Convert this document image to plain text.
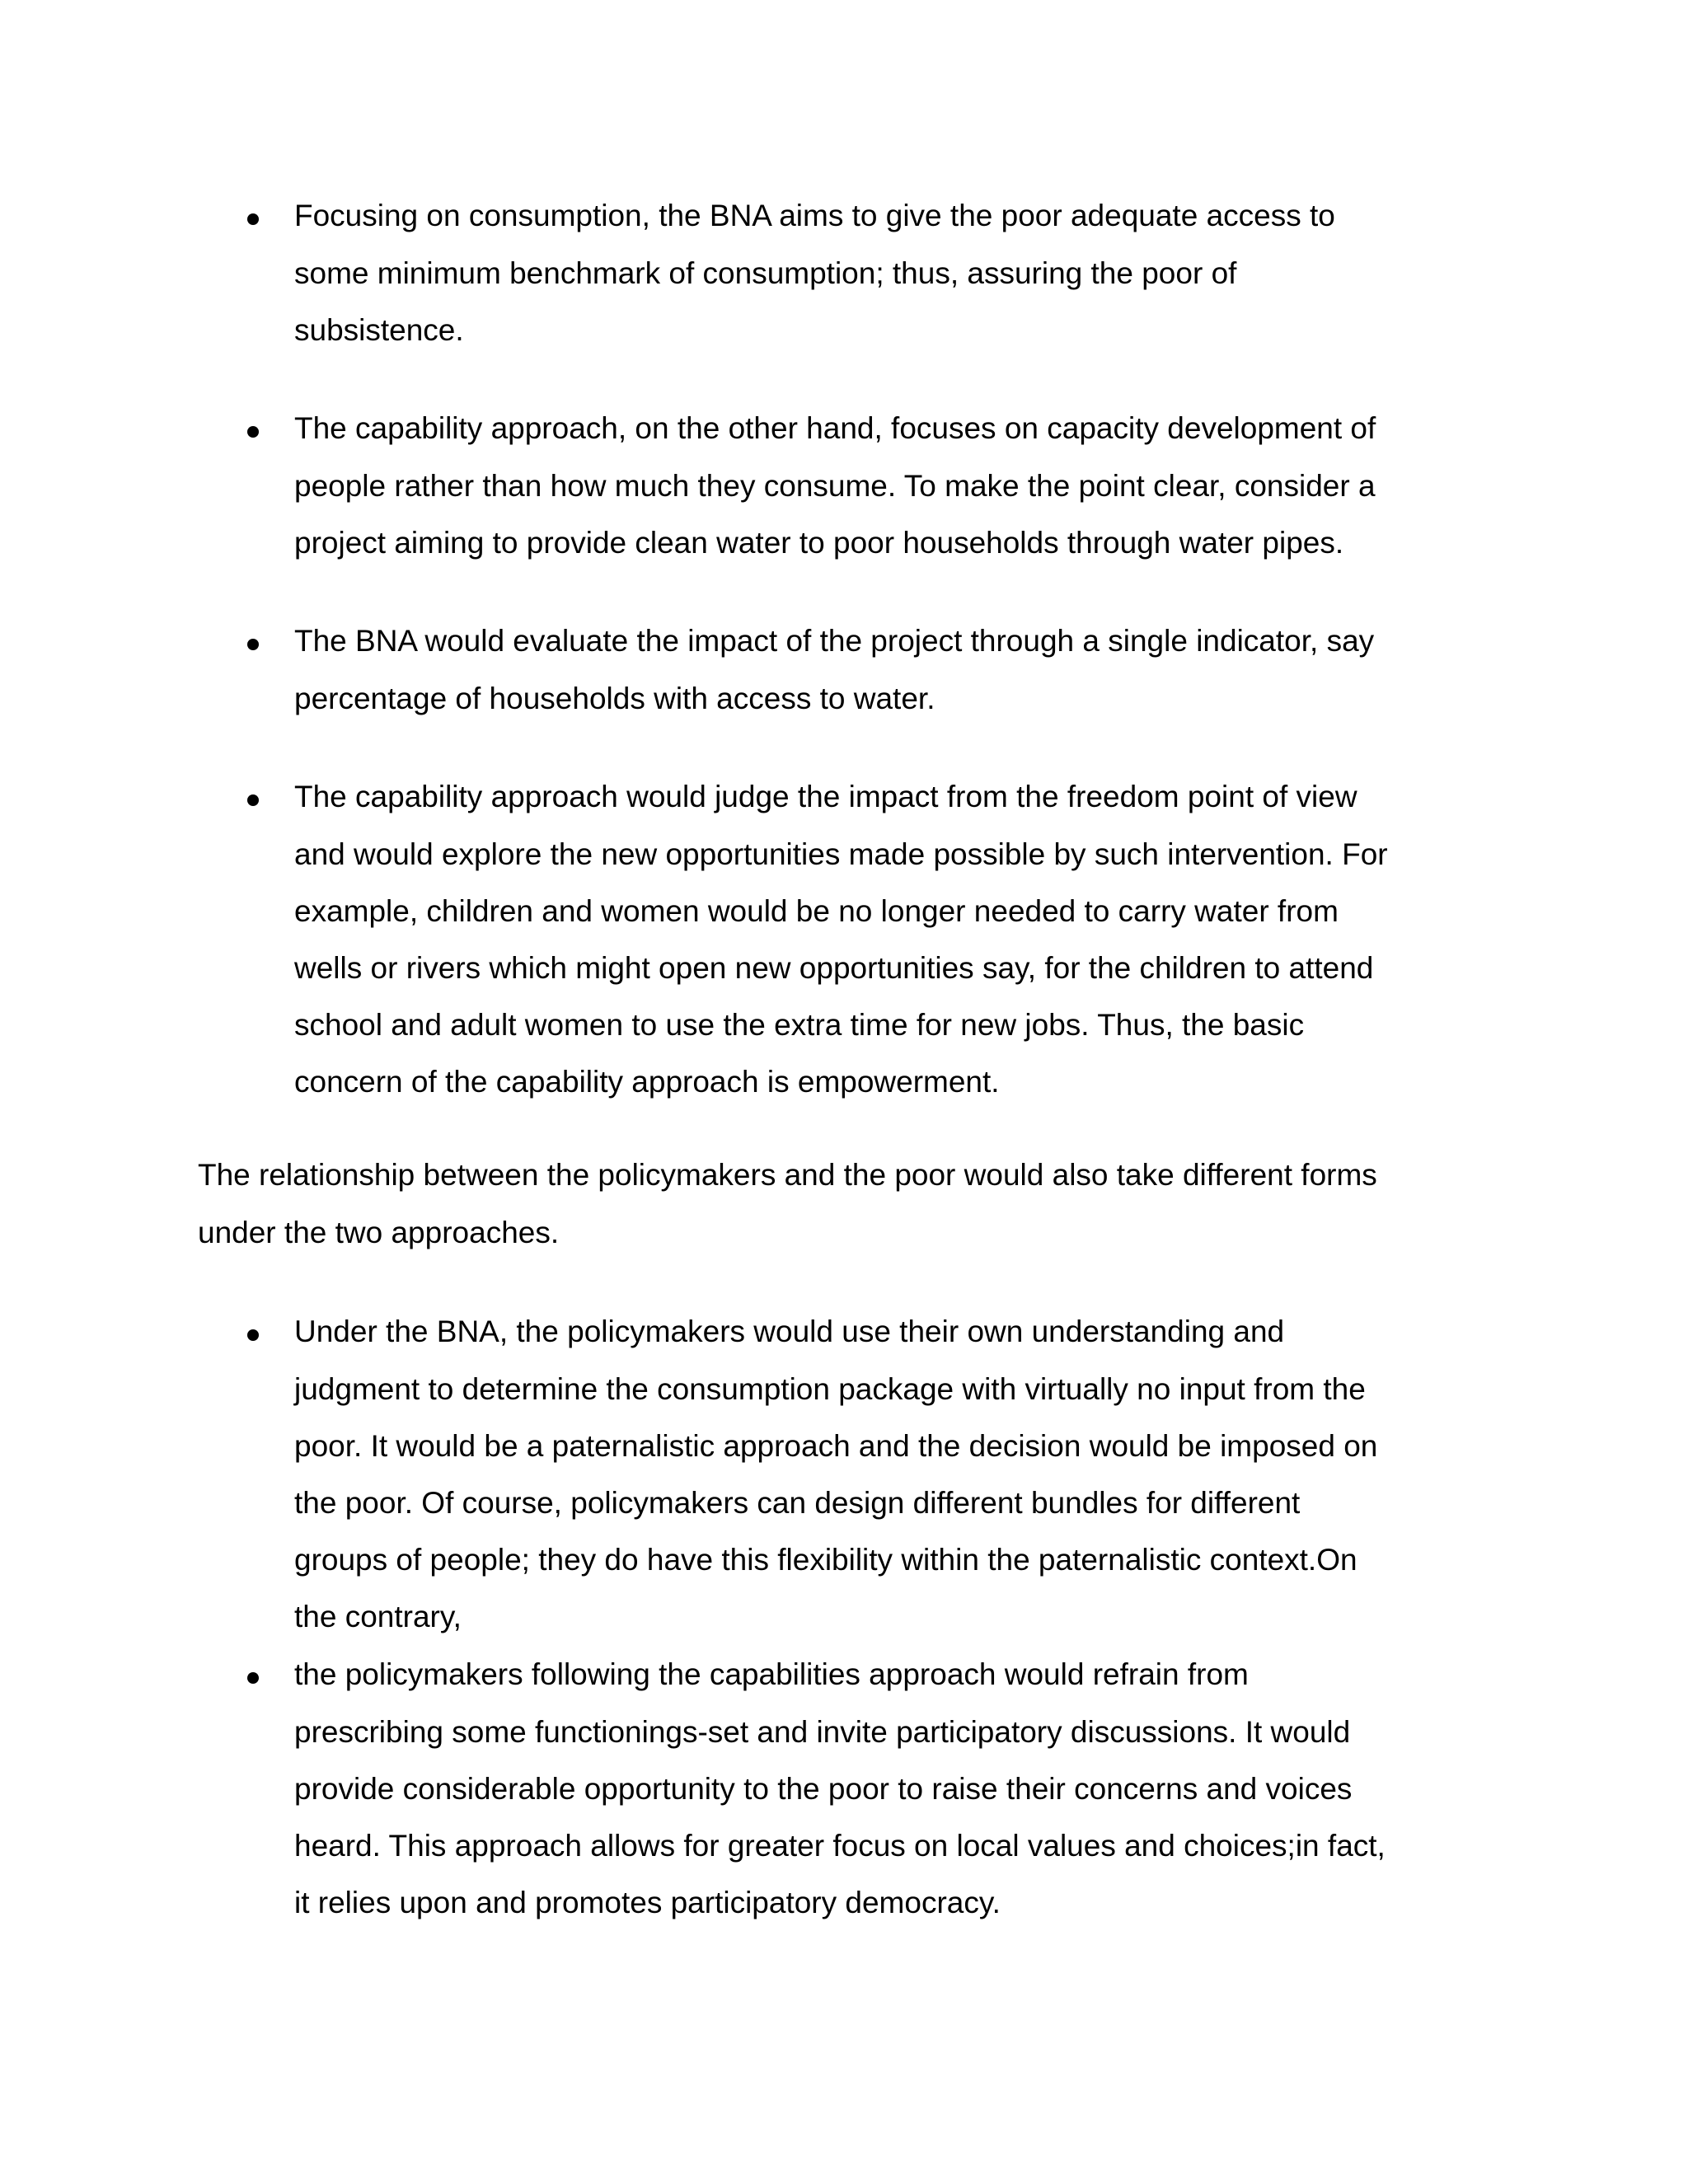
Focusing on consumption, the BNA aims to give the poor adequate access to
some minimum benchmark of consumption; thus, assuring the poor of
subsistence.
The capability approach, on the other hand, focuses on capacity development of
people rather than how much they consume. To make the point clear, consider a
project aiming to provide clean water to poor households through water pipes.
The BNA would evaluate the impact of the project through a single indicator, say
percentage of households with access to water.
The capability approach would judge the impact from the freedom point of view
and would explore the new opportunities made possible by such intervention. For
example, children and women would be no longer needed to carry water from
wells or rivers which might open new opportunities say, for the children to attend
school and adult women to use the extra time for new jobs. Thus, the basic
concern of the capability approach is empowerment.
The relationship between the policymakers and the poor would also take different forms
under the two approaches.
Under the BNA, the policymakers would use their own understanding and
judgment to determine the consumption package with virtually no input from the
poor. It would be a paternalistic approach and the decision would be imposed on
the poor. Of course, policymakers can design different bundles for different
groups of people; they do have this flexibility within the paternalistic context.On
the contrary,
the policymakers following the capabilities approach would refrain from
prescribing some functionings-set and invite participatory discussions. It would
provide considerable opportunity to the poor to raise their concerns and voices
heard. This approach allows for greater focus on local values and choices;in fact,
it relies upon and promotes participatory democracy.
